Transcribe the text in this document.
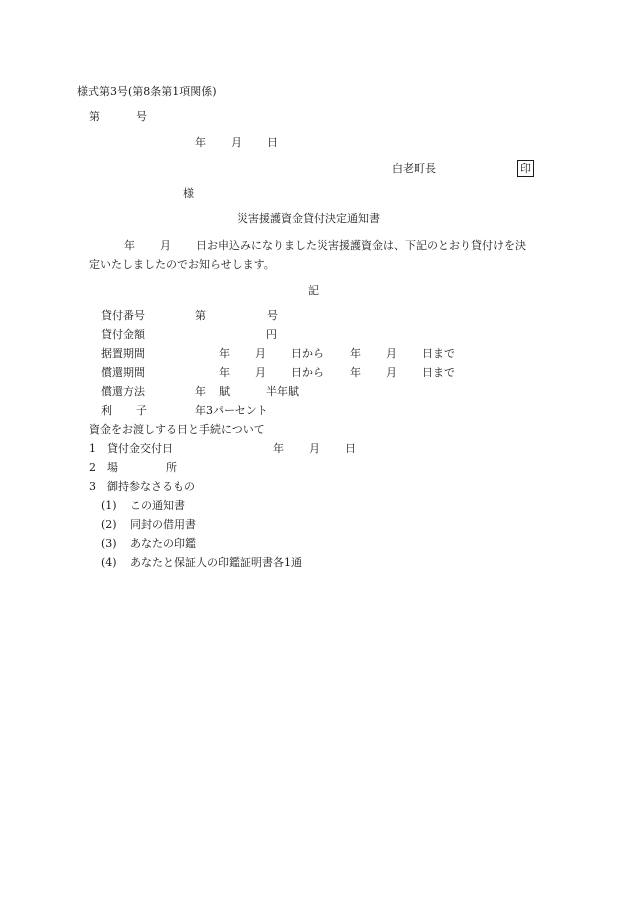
様式第3号(第8条第1項関係)
第	号
年 月 日
白老町長	印
様
災害援護資金貸付決定通知書
年 月 日お申込みになりました災害援護資金は、下記のとおり貸付けを決
定いたしましたのでお知らせします。
記
貸付番号	第	号
貸付金額	円
据置期間	年 月 日から 年 月 日まで
償還期間	年 月 日から 年 月 日まで
償還方法	年 賦	半年賦
利 子	年3パーセント
資金をお渡しする日と手続について
1 貸付金交付日	年 月 日
2 場	所
3 御持参なさるもの
(1) この通知書
(2) 同封の借用書
(3) あなたの印鑑
(4) あなたと保証人の印鑑証明書各1通
